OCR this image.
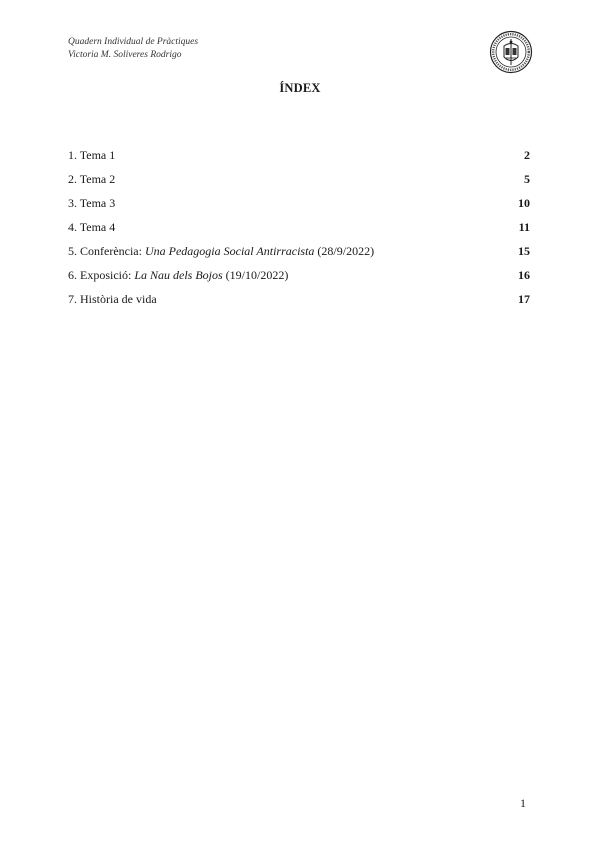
Quadern Individual de Pràctiques
Victoria M. Soliveres Rodrigo
ÍNDEX
1. Tema 1	2
2. Tema 2	5
3. Tema 3	10
4. Tema 4	11
5. Conferència: Una Pedagogia Social Antirracista (28/9/2022)	15
6. Exposició: La Nau dels Bojos (19/10/2022)	16
7. Història de vida	17
1
